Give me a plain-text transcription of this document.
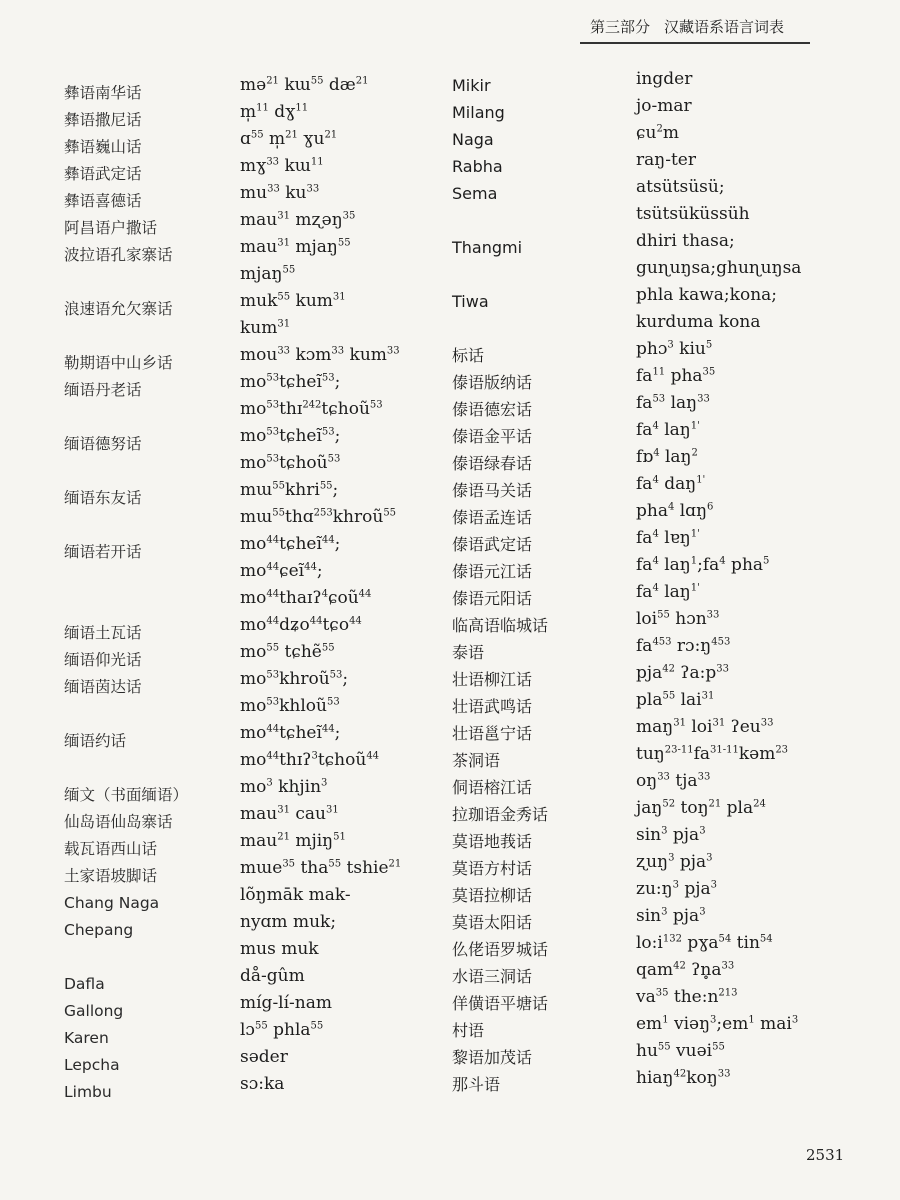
第三部分 汉藏语系语言词表
彝语南华话
彝语撒尼话
彝语巍山话
彝语武定话
彝语喜德话
阿昌语户撒话
波拉语孔家寨话
浪速语允欠寨话
勒期语中山乡话
缅语丹老话
缅语德努话
缅语东友话
缅语若开话
缅语土瓦话
缅语仰光话
缅语茵达话
缅语约话
缅文（书面缅语）
仙岛语仙岛寨话
载瓦语西山话
土家语坡脚话
Chang Naga
Chepang
Dafla
Gallong
Karen
Lepcha
Limbu
mə$^{21}$ kɯ$^{55}$ $dæ^{21}$
m̩$^{11}$ dɣ$^{11}$
ɑ$^{55}$ m̩$^{21}$ ɣu$^{21}$
mɣ$^{33}$ kɯ$^{11}$
$mu^{33}$ $ku^{33}$
mau$^{31}$ mʐəŋ$^{35}$
mau$^{31}$ mjaŋ$^{55}$
mjaŋ$^{55}$
muk$^{55}$ kum$^{31}$
kum$^{31}$
mou$^{33}$ kɔm$^{33}$ kum$^{33}$
$mo^{53}tɕheĩ^{53}$;
$mo^{53}thɪ^{242}tɕhoũ^{53}$
$mo^{53}tɕheĩ^{53}$;
$mo^{53}tɕhoũ^{53}$
mɯ$^{55}$khri$^{55}$;
mɯ$^{55}$thɑ$^{253}$khroũ$^{55}$
$mo^{44}tɕheĩ^{44}$;
$mo^{44}ɕeĩ^{44}$;
$mo^{44}thaɪʔ^4ɕoũ^{44}$
$mo^{44}dʑo^{44}tɕo^{44}$
$mo^{55}$ tɕhẽ$^{55}$
$mo^{53}khroũ^{53}$;
$mo^{53}khloũ^{53}$
$mo^{44}tɕheĩ^{44}$;
$mo^{44}thɪʔ^3tɕhoũ^{44}$
$mo^3$ khjin$^3$
mau$^{31}$ cau$^{31}$
mau$^{21}$ mjiŋ$^{51}$
mɯe$^{35}$ tha$^{55}$ tshie$^{21}$
lõŋmāk mak-
nyɑm muk;
mus muk
då-gûm
míg-lí-nam
lɔ$^{55}$ phla$^{55}$
səder
sɔ:ka
Mikir
Milang
Naga
Rabha
Sema
Thangmi
Tiwa
标话
傣语版纳话
傣语德宏话
傣语金平话
傣语绿春话
傣语马关话
傣语孟连话
傣语武定话
傣语元江话
傣语元阳话
临高语临城话
泰语
壮语柳江话
壮语武鸣话
壮语邕宁话
茶洞语
侗语榕江话
拉珈语金秀话
莫语地莪话
莫语方村话
莫语拉柳话
莫语太阳话
仫佬语罗城话
水语三洞话
佯僙语平塘话
村语
黎语加茂话
那斗语
ingder
jo-mar
ɕu$^2$m
raŋ-ter
atsütsüsü;
tsütsüküssüh
dhiri thasa;
guɳuŋsa;ghuɳuŋsa
phla kawa;kona;
kurduma kona
phɔ$^3$ kiu$^5$
$fa^{11}$ pha$^{35}$
$fa^{53}$ laŋ$^{33}$
$fa^4$ laŋ$^{1'}$
fɒ$^4$ laŋ$^2$
$fa^4$ daŋ$^{1'}$
pha$^4$ lɑŋ$^6$
$fa^4$ lɐŋ$^{1'}$
$fa^4$ $laŋ^1;fa^4$ pha$^5$
$fa^4$ laŋ$^{1'}$
loi$^{55}$ hɔn$^{33}$
$fa^{453}$ $rɔ:ŋ^{453}$
pja$^{42}$ $ʔa:p^{33}$
pla$^{55}$ lai$^{31}$
maŋ$^{31}$ loi$^{31}$ ʔeu$^{33}$
$tuŋ^{23-11}fa^{31-11}kəm^{23}$
$oŋ^{33}$ tja$^{33}$
jaŋ$^{52}$ toŋ$^{21}$ pla$^{24}$
$\sin^3 pja^3$
ʐuŋ$^3$ pja$^3$
$zu:ŋ^3$ pja$^3$
$\sin^3 pja^3$
$lo:i^{132}$ pɣa$^{54}$ tin$^{54}$
qam$^{42}$ $ʔn̥a^{33}$
$va^{35}$ $the:n^{213}$
$em^1$ $viəŋ^3;em^1$ mai$^3$
$hu^{55}$ vuəi$^{55}$
hiaŋ$^{42}$koŋ$^{33}$
2531
